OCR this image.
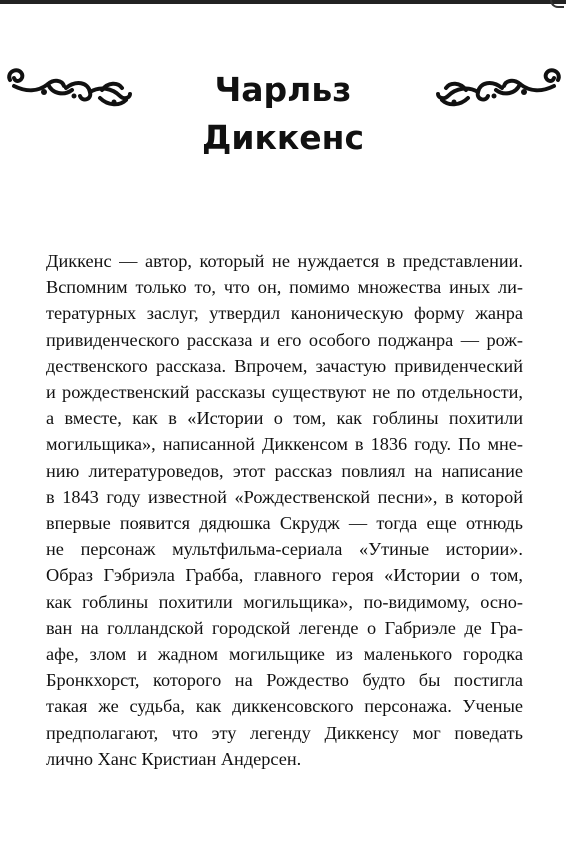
Чарльз
Диккенс
Диккенс — автор, который не нуждается в представлении.
Вспомним только то, что он, помимо множества иных ли-
тературных заслуг, утвердил каноническую форму жанра
привиденческого рассказа и его особого поджанра — рож-
дественского рассказа. Впрочем, зачастую привиденческий
и рождественский рассказы существуют не по отдельности,
а вместе, как в «Истории о том, как гоблины похитили
могильщика», написанной Диккенсом в 1836 году. По мне-
нию литературоведов, этот рассказ повлиял на написание
в 1843 году известной «Рождественской песни», в которой
впервые появится дядюшка Скрудж — тогда еще отнюдь
не персонаж мультфильма-сериала «Утиные истории».
Образ Гэбриэла Грабба, главного героя «Истории о том,
как гоблины похитили могильщика», по-видимому, осно-
ван на голландской городской легенде о Габриэле де Гра-
афе, злом и жадном могильщике из маленького городка
Бронкхорст, которого на Рождество будто бы постигла
такая же судьба, как диккенсовского персонажа. Ученые
предполагают, что эту легенду Диккенсу мог поведать
лично Ханс Кристиан Андерсен.
